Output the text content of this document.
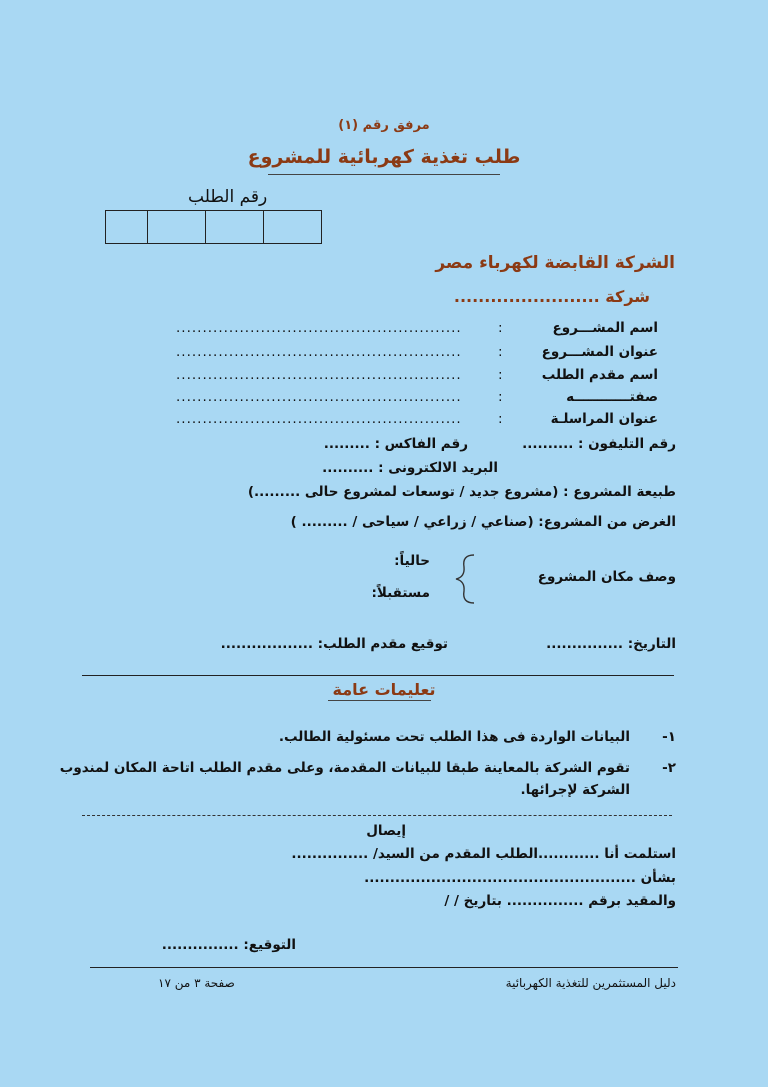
مرفق رقم (١)
طلب تغذية كهربائية للمشروع
رقم الطلب
الشركة القابضة لكهرباء مصر
شركة ........................
اسم المشـــروع
:
......................................................
عنوان المشـــروع
:
......................................................
اسم مقدم الطلب
:
......................................................
صفتــــــــــــه
:
......................................................
عنوان المراسلـة
:
......................................................
رقم التليفون : ..........
رقم الفاكس : .........
البريد الالكترونى : ..........
طبيعة المشروع : (مشروع جديد / توسعات لمشروع حالى .........)
الغرض من المشروع: (صناعي / زراعي / سياحى / ......... )
وصف مكان المشروع
حالياً:
مستقبلاً:
التاريخ: ...............
توقيع مقدم الطلب: ..................
تعليمات عامة
١-
البيانات الواردة فى هذا الطلب تحت مسئولية الطالب.
٢-
تقوم الشركة بالمعاينة طبقا للبيانات المقدمة، وعلى مقدم الطلب اتاحة المكان لمندوب
الشركة لإجرائها.
إيصال
استلمت أنا ............الطلب المقدم من السيد/ ...............
بشأن .....................................................
والمقيد برقم ............... بتاريخ / /
التوقيع: ...............
دليل المستثمرين للتغذية الكهربائية
صفحة ٣ من ١٧
